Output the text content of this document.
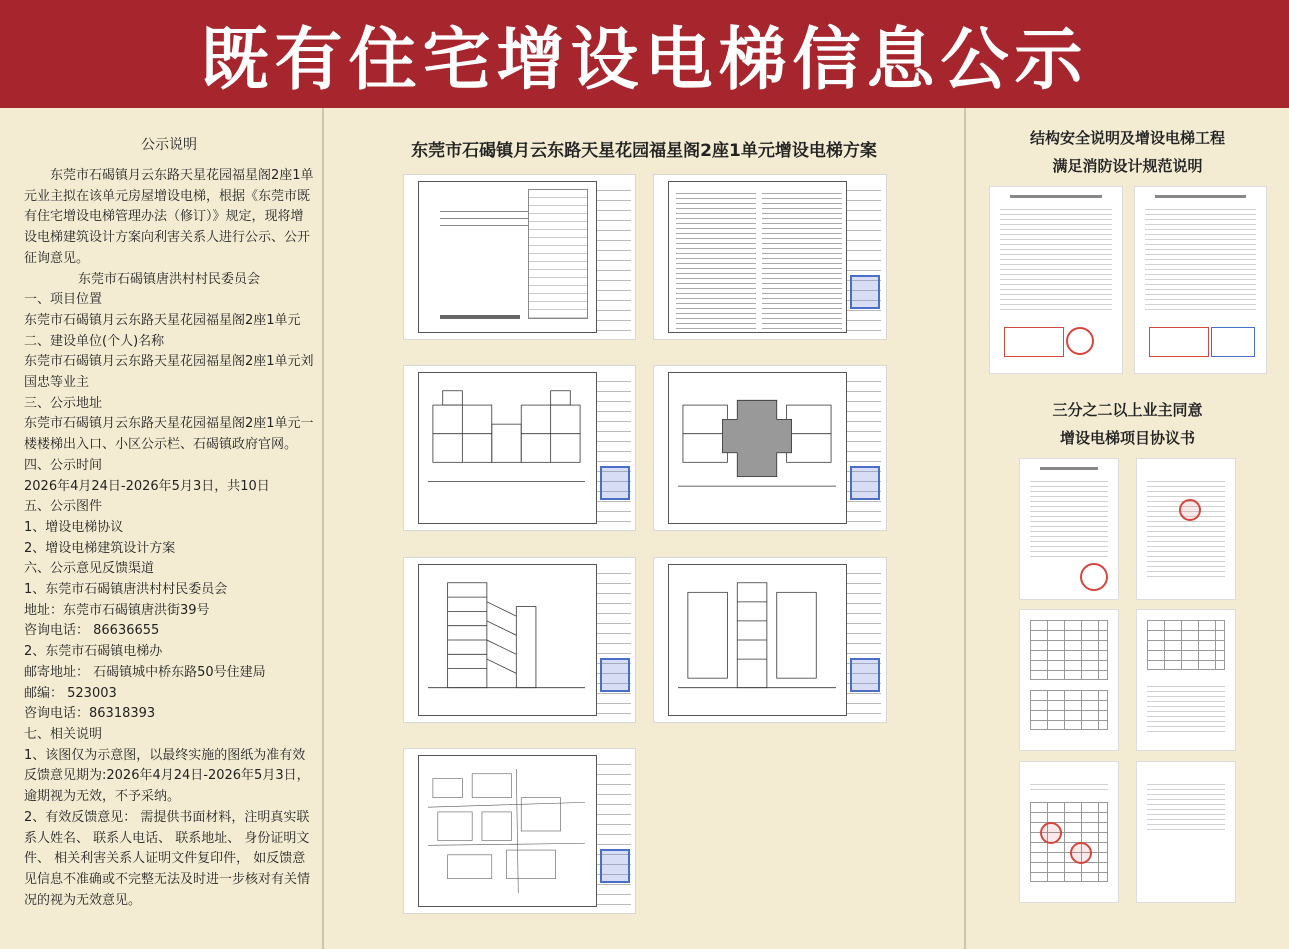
既有住宅增设电梯信息公示
公示说明

东莞市石碣镇月云东路天星花园福星阁2座1单元业主拟在该单元房屋增设电梯，根据《东莞市既有住宅增设电梯管理办法（修订）》规定，现将增设电梯建筑设计方案向利害关系人进行公示、公开征询意见。

东莞市石碣镇唐洪村村民委员会

一、项目位置

东莞市石碣镇月云东路天星花园福星阁2座1单元

二、建设单位(个人)名称

东莞市石碣镇月云东路天星花园福星阁2座1单元刘国忠等业主

三、公示地址

东莞市石碣镇月云东路天星花园福星阁2座1单元一楼楼梯出入口、小区公示栏、石碣镇政府官网。

四、公示时间

2026年4月24日-2026年5月3日，共10日

五、公示图件

1、增设电梯协议

2、增设电梯建筑设计方案

六、公示意见反馈渠道

1、东莞市石碣镇唐洪村村民委员会

地址：东莞市石碣镇唐洪街39号

咨询电话： 86636655

2、东莞市石碣镇电梯办

邮寄地址： 石碣镇城中桥东路50号住建局

邮编： 523003

咨询电话：86318393

七、相关说明

1、该图仅为示意图，以最终实施的图纸为准有效反馈意见期为:2026年4月24日-2026年5月3日，逾期视为无效，不予采纳。

2、有效反馈意见： 需提供书面材料，注明真实联系人姓名、 联系人电话、 联系地址、 身份证明文件、 相关利害关系人证明文件复印件， 如反馈意见信息不准确或不完整无法及时进一步核对有关情况的视为无效意见。

东莞市石碣镇月云东路天星花园福星阁2座1单元增设电梯方案
结构安全说明及增设电梯工程
满足消防设计规范说明
三分之二以上业主同意
增设电梯项目协议书
